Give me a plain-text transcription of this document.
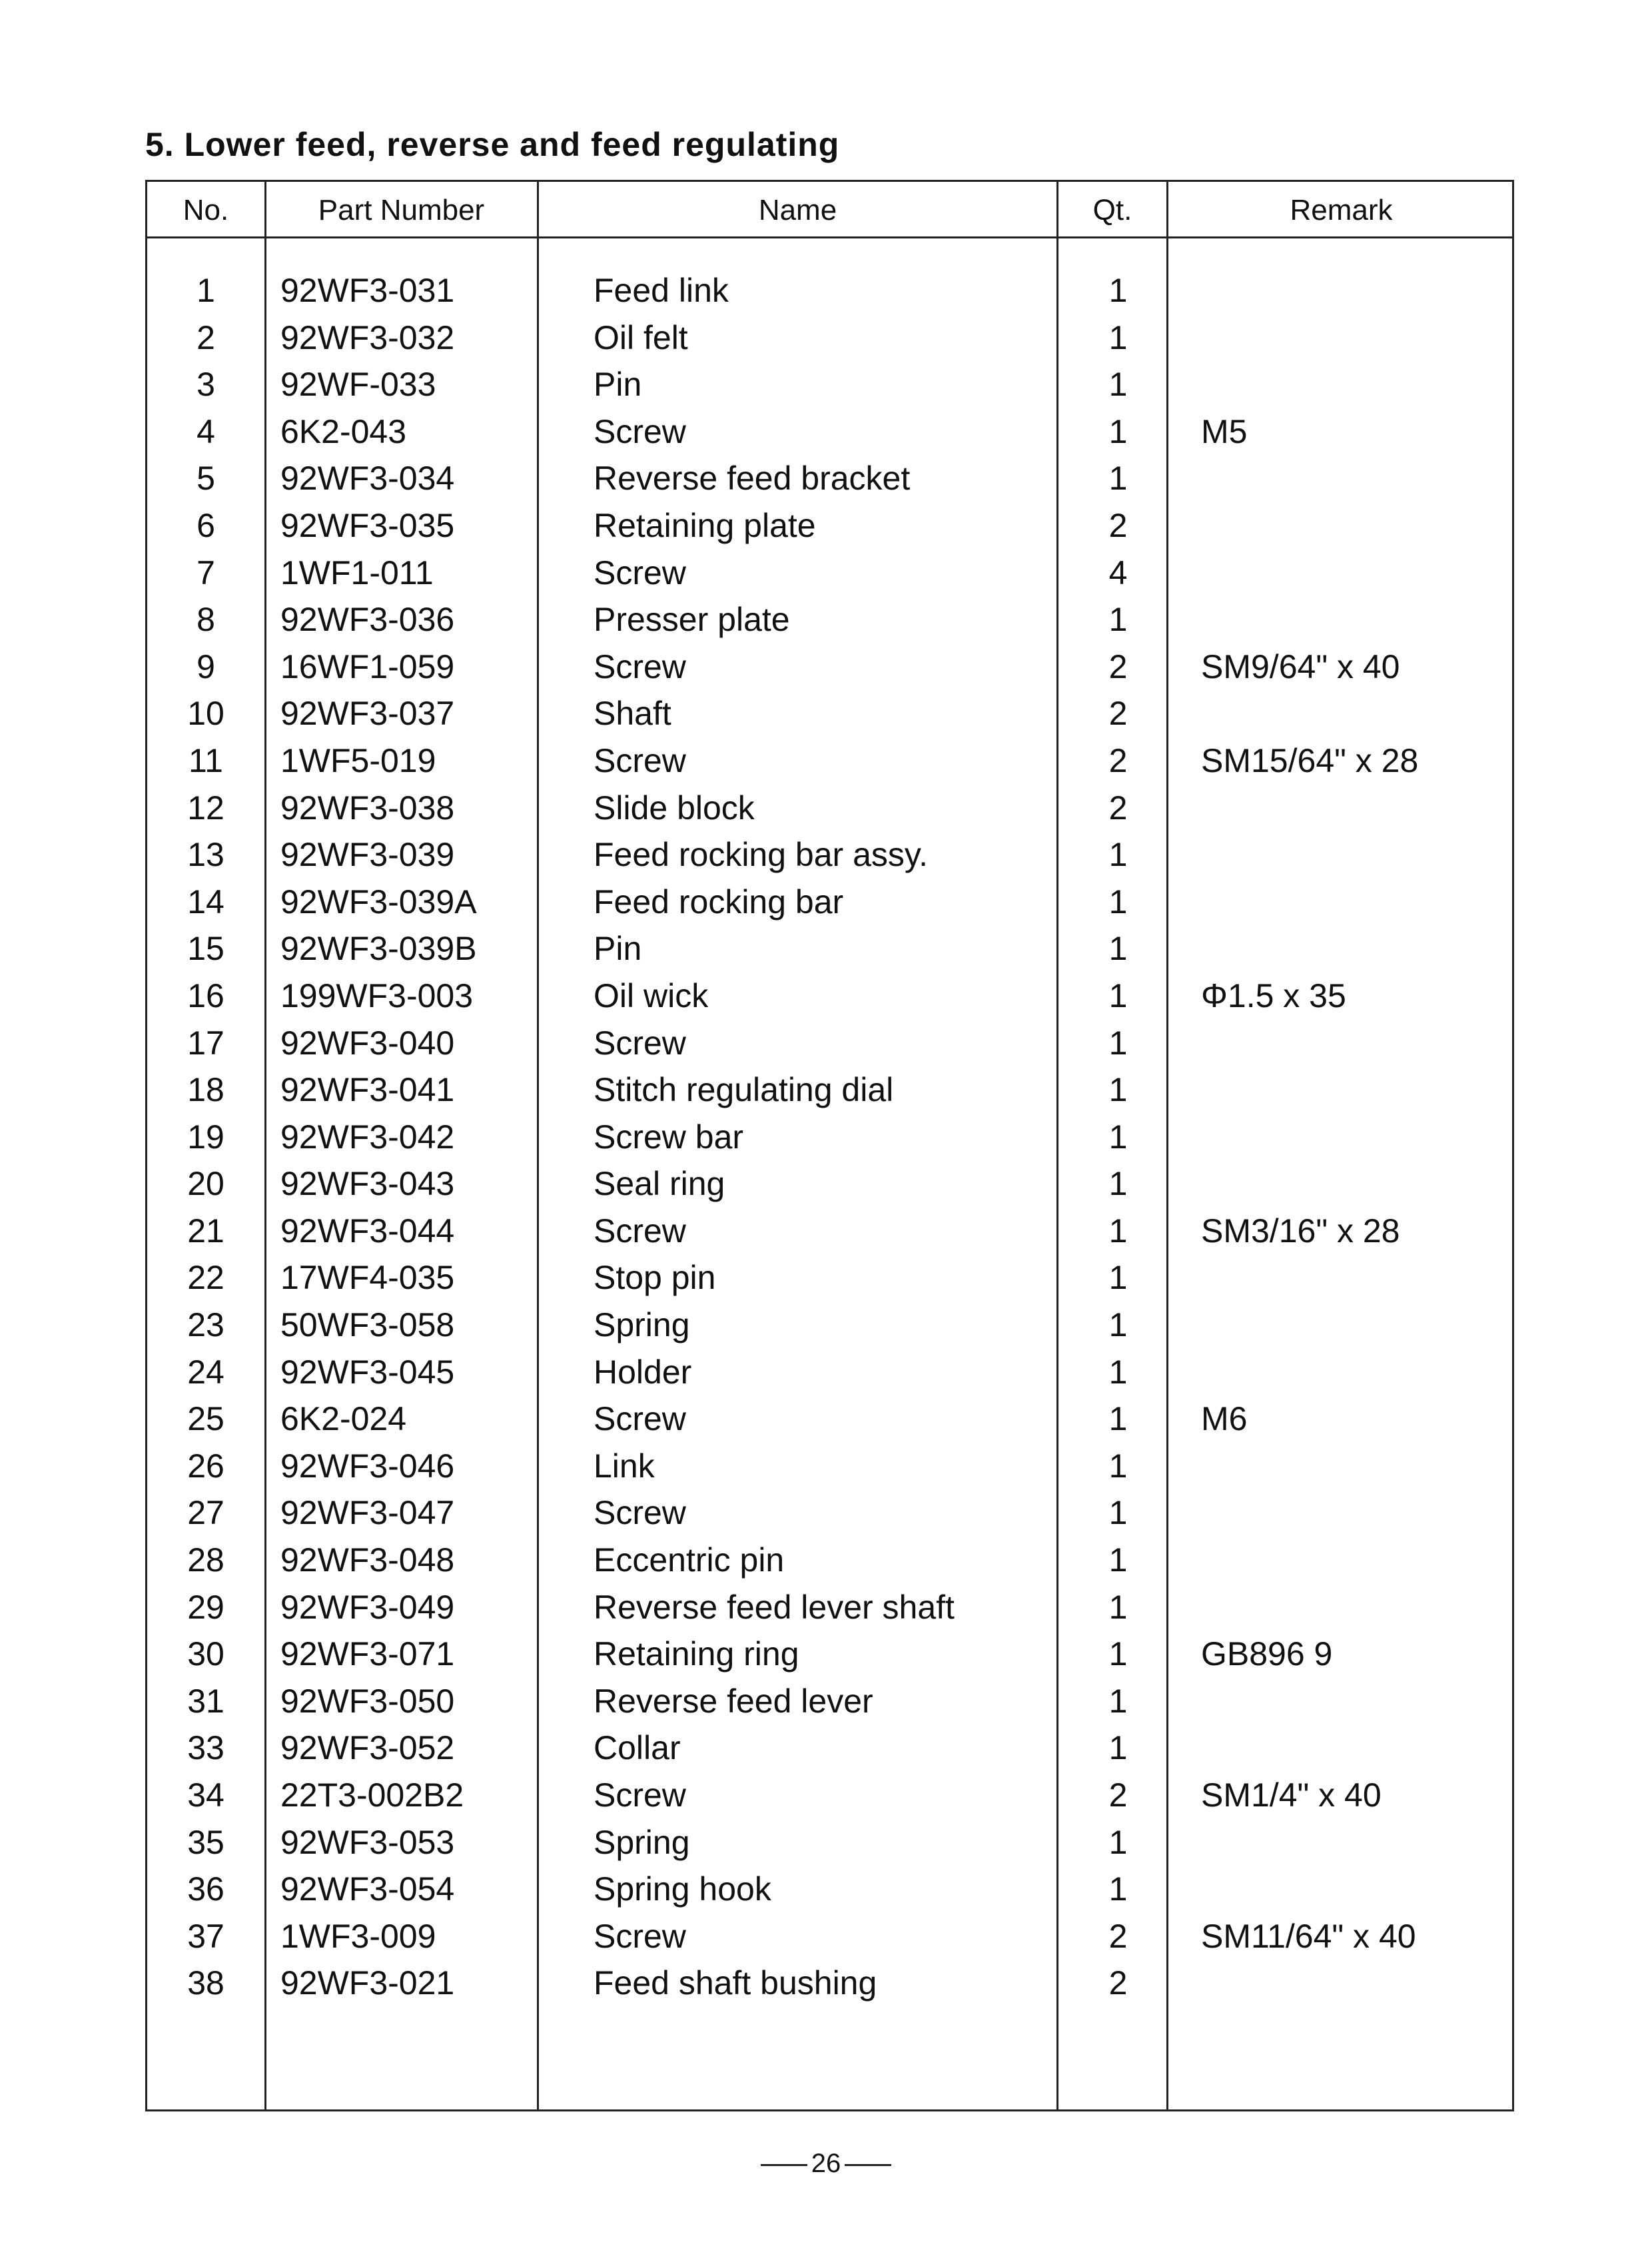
5. Lower feed, reverse and feed regulating
No.	Part Number	Name	Qt.	Remark
1	92WF3-031	Feed link	1
2	92WF3-032	Oil felt	1
3	92WF-033	Pin	1
4	6K2-043	Screw	1	M5
5	92WF3-034	Reverse feed bracket	1
6	92WF3-035	Retaining plate	2
7	1WF1-011	Screw	4
8	92WF3-036	Presser plate	1
9	16WF1-059	Screw	2	SM9/64" x 40
10	92WF3-037	Shaft	2
11	1WF5-019	Screw	2	SM15/64" x 28
12	92WF3-038	Slide block	2
13	92WF3-039	Feed rocking bar assy.	1
14	92WF3-039A	Feed rocking bar	1
15	92WF3-039B	Pin	1
16	199WF3-003	Oil wick	1	Φ1.5 x 35
17	92WF3-040	Screw	1
18	92WF3-041	Stitch regulating dial	1
19	92WF3-042	Screw bar	1
20	92WF3-043	Seal ring	1
21	92WF3-044	Screw	1	SM3/16" x 28
22	17WF4-035	Stop pin	1
23	50WF3-058	Spring	1
24	92WF3-045	Holder	1
25	6K2-024	Screw	1	M6
26	92WF3-046	Link	1
27	92WF3-047	Screw	1
28	92WF3-048	Eccentric pin	1
29	92WF3-049	Reverse feed lever shaft	1
30	92WF3-071	Retaining ring	1	GB896 9
31	92WF3-050	Reverse feed lever	1
33	92WF3-052	Collar	1
34	22T3-002B2	Screw	2	SM1/4" x 40
35	92WF3-053	Spring	1
36	92WF3-054	Spring hook	1
37	1WF3-009	Screw	2	SM11/64" x 40
38	92WF3-021	Feed shaft bushing	2
26
